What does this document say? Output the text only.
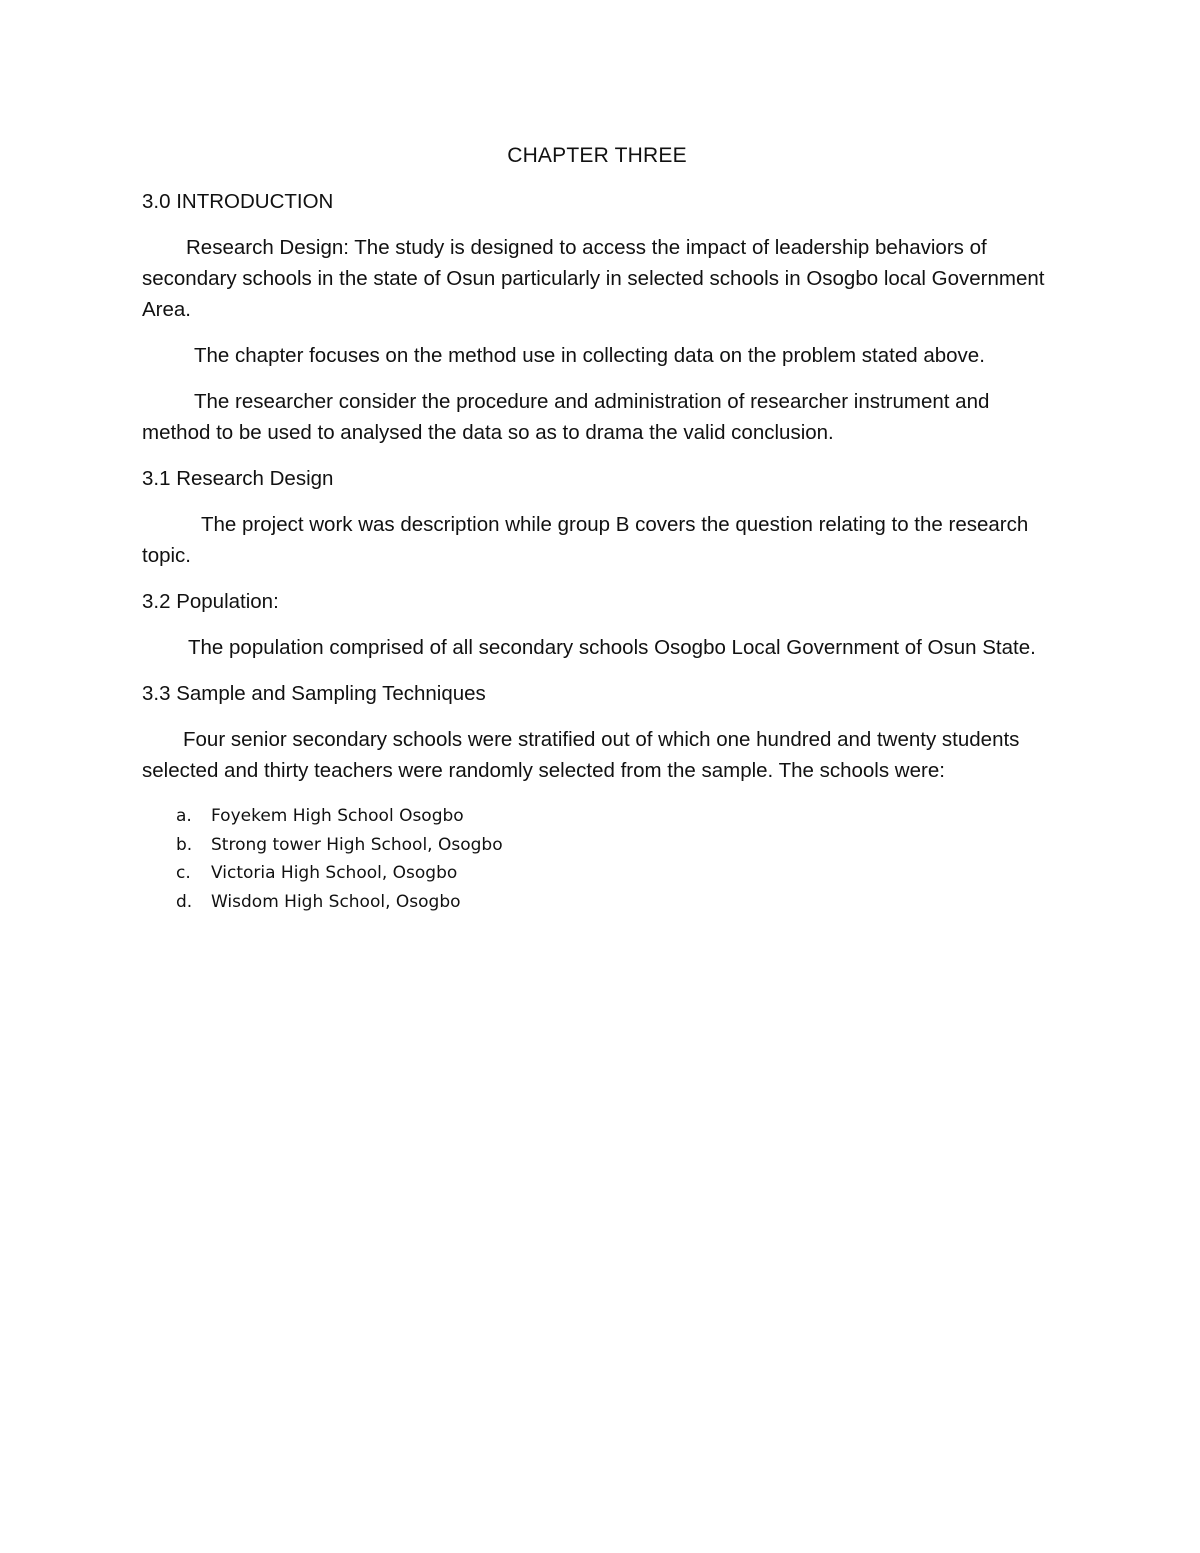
CHAPTER THREE

3.0 INTRODUCTION

Research Design: The study is designed to access the impact of leadership behaviors of secondary schools in the state of Osun particularly in selected schools in Osogbo local Government Area.

The chapter focuses on the method use in collecting data on the problem stated above.

The researcher consider the procedure and administration of researcher instrument and method to be used to analysed the data so as to drama the valid conclusion.

3.1 Research Design

The project work was description while group B covers the question relating to the research topic.

3.2 Population:

The population comprised of all secondary schools Osogbo Local Government of Osun State.

3.3 Sample and Sampling Techniques

Four senior secondary schools were stratified out of which one hundred and twenty students selected and thirty teachers were randomly selected from the sample. The schools were:

a.	Foyekem High School Osogbo
b.	Strong tower High School, Osogbo
c.	Victoria High School, Osogbo
d.	Wisdom High School, Osogbo
